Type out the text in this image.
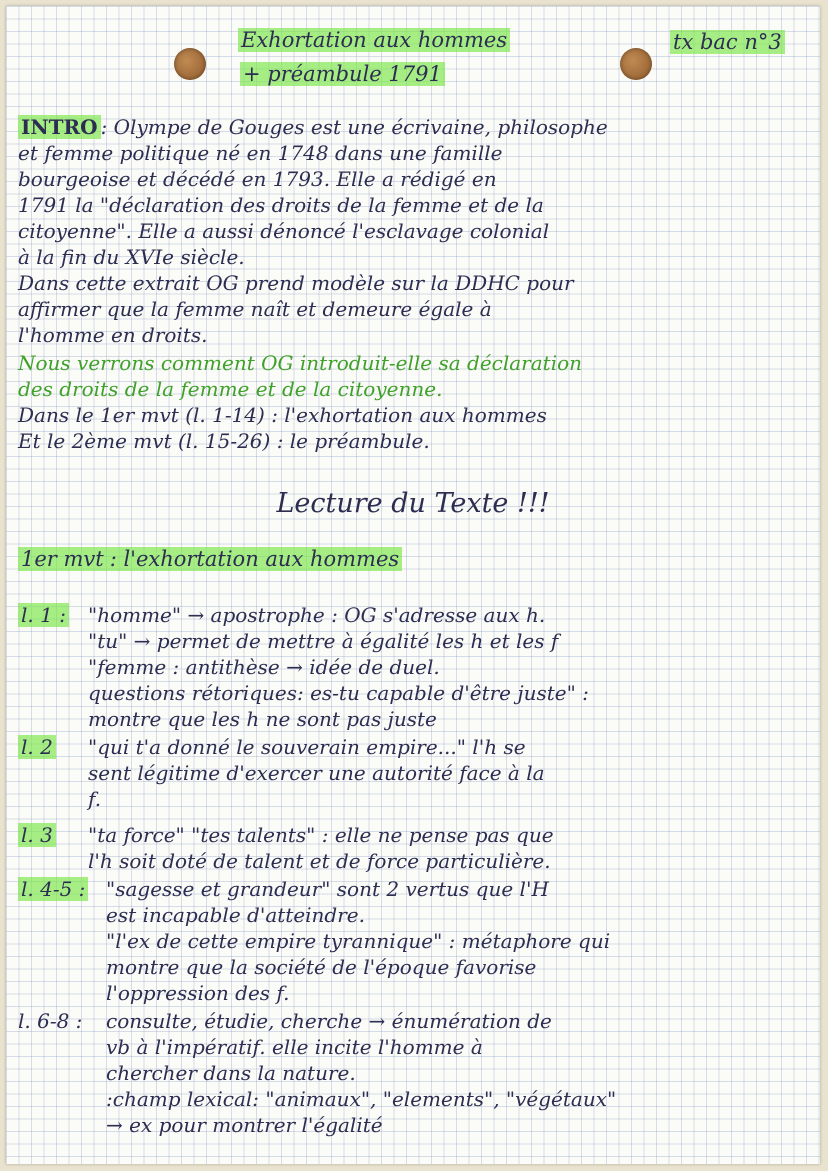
Exhortation aux hommes
+ préambule 1791
tx bac n°3
INTRO : Olympe de Gouges est une écrivaine, philosophe
et femme politique né en 1748 dans une famille
bourgeoise et décédé en 1793. Elle a rédigé en
1791 la "déclaration des droits de la femme et de la
citoyenne". Elle a aussi dénoncé l'esclavage colonial
à la fin du XVIe siècle.
Dans cette extrait OG prend modèle sur la DDHC pour
affirmer que la femme naît et demeure égale à
l'homme en droits.
Nous verrons comment OG introduit-elle sa déclaration
des droits de la femme et de la citoyenne.
Dans le 1er mvt (l. 1-14) : l'exhortation aux hommes
Et le 2ème mvt (l. 15-26) : le préambule.
Lecture du Texte !!!
1er mvt : l'exhortation aux hommes
l. 1 : "homme" → apostrophe : OG s'adresse aux h.
"tu" → permet de mettre à égalité les h et les f
"femme : antithèse → idée de duel.
questions rétoriques: es-tu capable d'être juste" :
montre que les h ne sont pas juste
l. 2 "qui t'a donné le souverain empire..." l'h se
sent légitime d'exercer une autorité face à la
f.
l. 3 "ta force" "tes talents" : elle ne pense pas que
l'h soit doté de talent et de force particulière.
l. 4-5 : "sagesse et grandeur" sont 2 vertus que l'H
est incapable d'atteindre.
"l'ex de cette empire tyrannique" : métaphore qui
montre que la société de l'époque favorise
l'oppression des f.
l. 6-8 : consulte, étudie, cherche → énumération de
vb à l'impératif. elle incite l'homme à
chercher dans la nature.
:champ lexical: "animaux", "elements", "végétaux"
→ ex pour montrer l'égalité
